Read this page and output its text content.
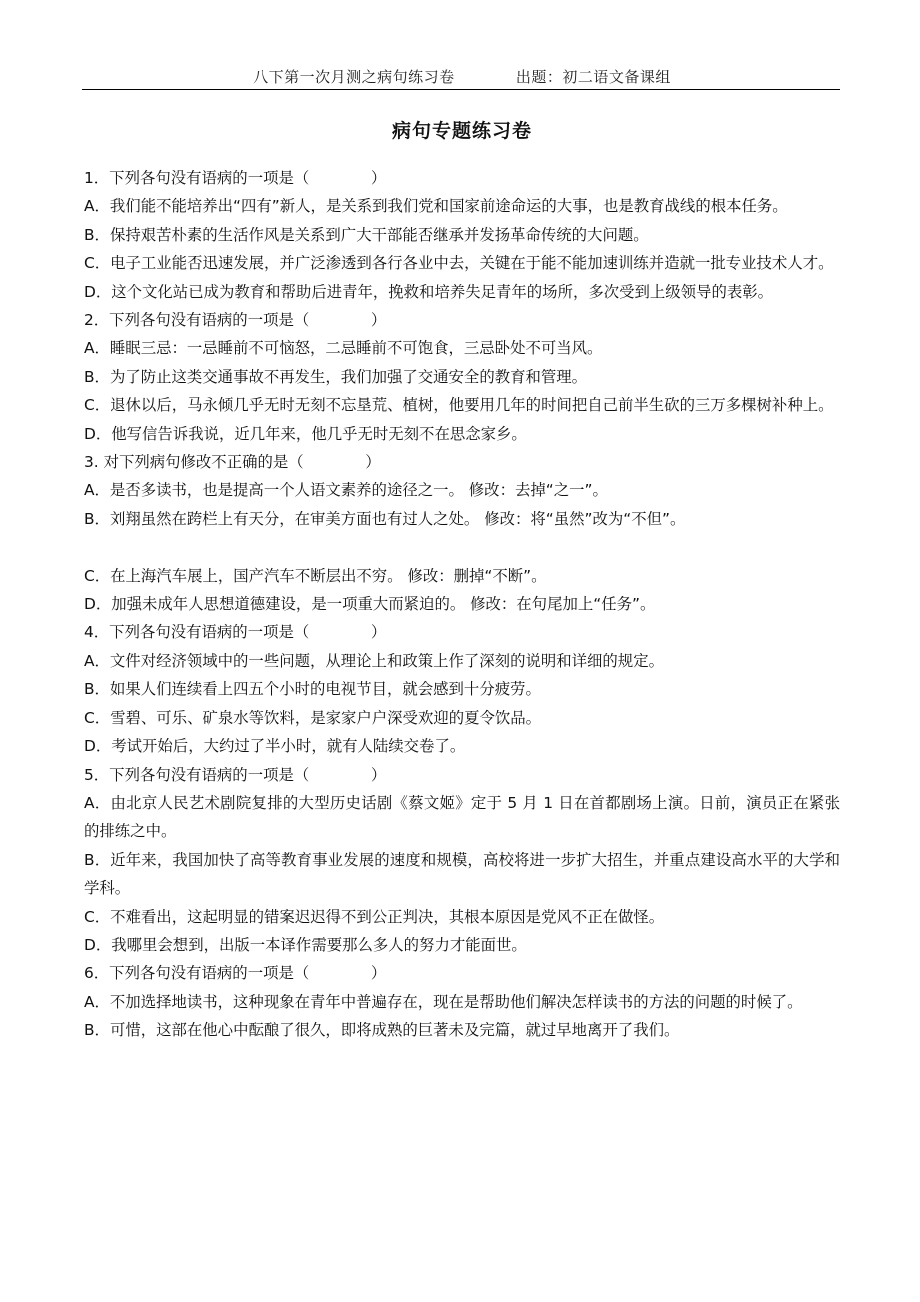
八下第一次月测之病句练习卷	出题：初二语文备课组
病句专题练习卷
1．下列各句没有语病的一项是（　　　　）
A．我们能不能培养出“四有”新人，是关系到我们党和国家前途命运的大事，也是教育战线的根本任务。
B．保持艰苦朴素的生活作风是关系到广大干部能否继承并发扬革命传统的大问题。
C．电子工业能否迅速发展，并广泛渗透到各行各业中去，关键在于能不能加速训练并造就一批专业技术人才。
D．这个文化站已成为教育和帮助后进青年，挽救和培养失足青年的场所，多次受到上级领导的表彰。
2．下列各句没有语病的一项是（　　　　）
A．睡眠三忌：一忌睡前不可恼怒，二忌睡前不可饱食，三忌卧处不可当风。
B．为了防止这类交通事故不再发生，我们加强了交通安全的教育和管理。
C．退休以后，马永倾几乎无时无刻不忘垦荒、植树，他要用几年的时间把自己前半生砍的三万多棵树补种上。
D．他写信告诉我说，近几年来，他几乎无时无刻不在思念家乡。
3. 对下列病句修改不正确的是（　　　　）
A．是否多读书，也是提高一个人语文素养的途径之一。 修改：去掉“之一”。
B．刘翔虽然在跨栏上有天分，在审美方面也有过人之处。 修改：将“虽然”改为“不但”。
C．在上海汽车展上，国产汽车不断层出不穷。 修改：删掉“不断”。
D．加强未成年人思想道德建设，是一项重大而紧迫的。 修改：在句尾加上“任务”。
4．下列各句没有语病的一项是（　　　　）
A．文件对经济领域中的一些问题，从理论上和政策上作了深刻的说明和详细的规定。
B．如果人们连续看上四五个小时的电视节目，就会感到十分疲劳。
C．雪碧、可乐、矿泉水等饮料，是家家户户深受欢迎的夏令饮品。
D．考试开始后，大约过了半小时，就有人陆续交卷了。
5．下列各句没有语病的一项是（　　　　）
A．由北京人民艺术剧院复排的大型历史话剧《蔡文姬》定于 5 月 1 日在首都剧场上演。日前，演员正在紧张的排练之中。
B．近年来，我国加快了高等教育事业发展的速度和规模，高校将进一步扩大招生，并重点建设高水平的大学和学科。
C．不难看出，这起明显的错案迟迟得不到公正判决，其根本原因是党风不正在做怪。
D．我哪里会想到，出版一本译作需要那么多人的努力才能面世。
6．下列各句没有语病的一项是（　　　　）
A．不加选择地读书，这种现象在青年中普遍存在，现在是帮助他们解决怎样读书的方法的问题的时候了。
B．可惜，这部在他心中酝酿了很久，即将成熟的巨著未及完篇，就过早地离开了我们。
